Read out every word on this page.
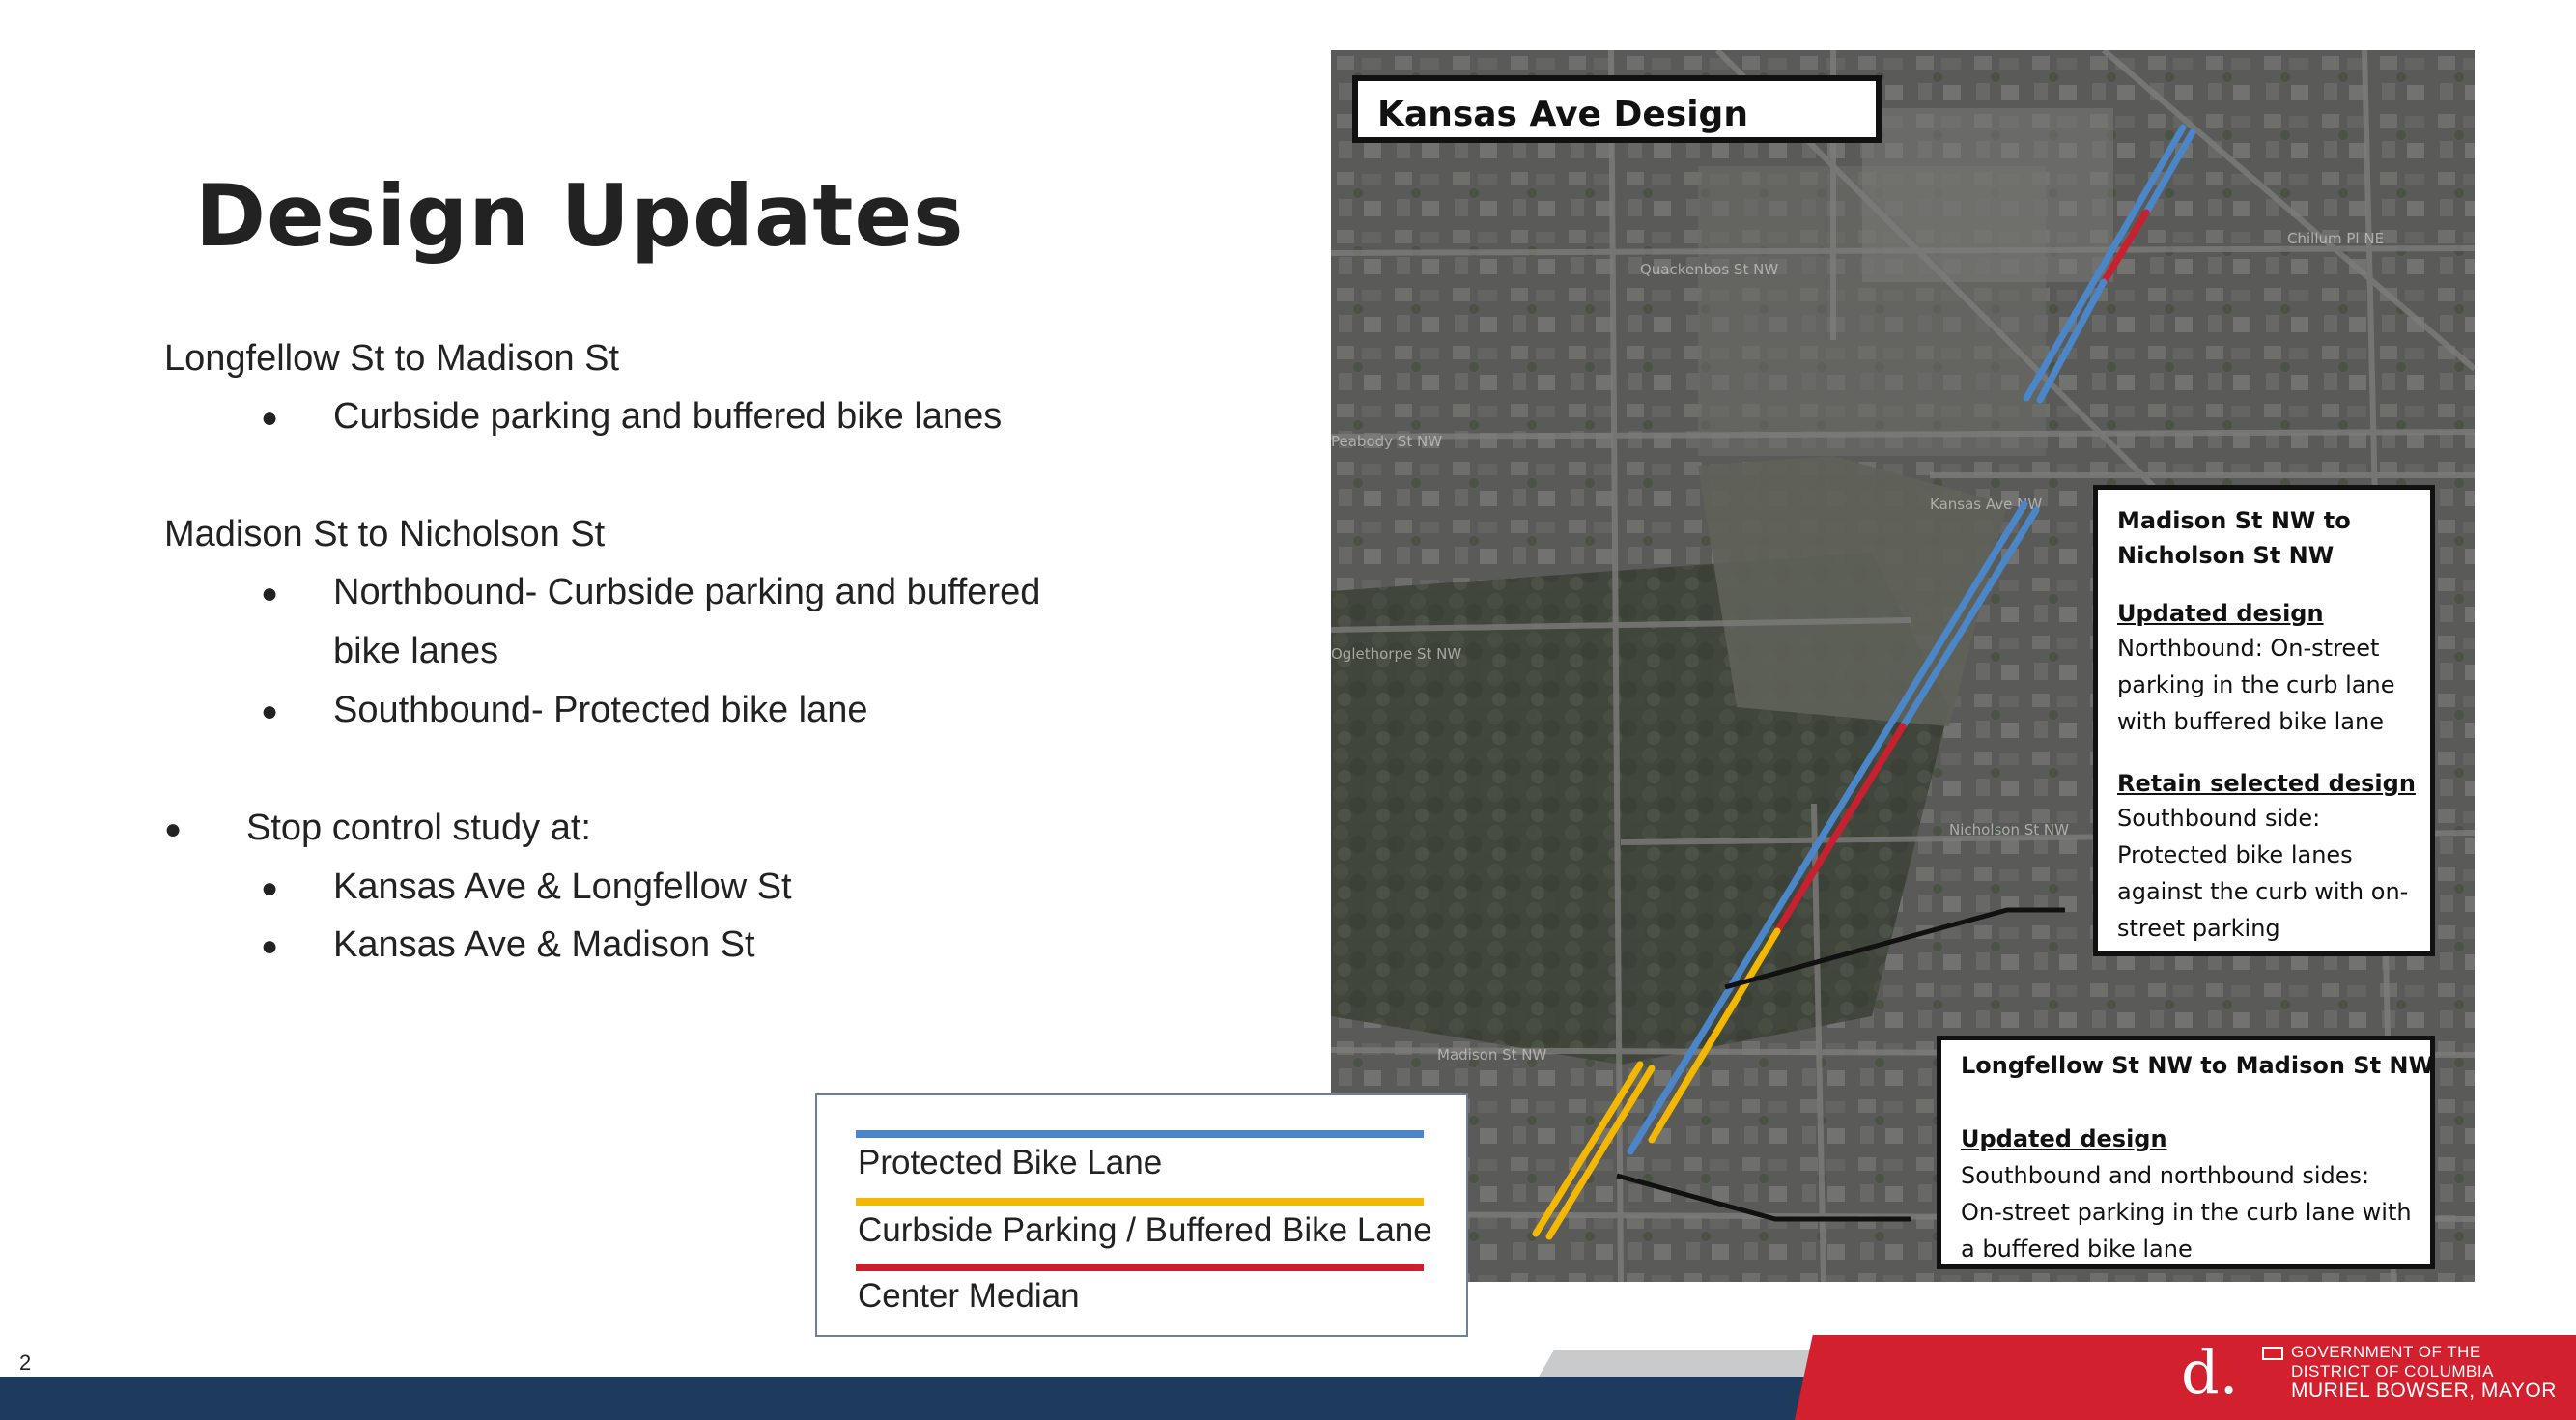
Design Updates
Longfellow St to Madison St
● Curbside parking and buffered bike lanes
Madison St to Nicholson St
● Northbound- Curbside parking and buffered
bike lanes
● Southbound- Protected bike lane
● Stop control study at:
● Kansas Ave & Longfellow St
● Kansas Ave & Madison St
Quackenbos St NW
Peabody St NW
Oglethorpe St NW
Nicholson St NW
Madison St NW
Kansas Ave NW
Chillum Pl NE
Kansas Ave Design
Madison St NW to
Nicholson St NW
Updated design
Northbound: On-street
parking in the curb lane
with buffered bike lane
Retain selected design
Southbound side:
Protected bike lanes
against the curb with on-
street parking
Longfellow St NW to Madison St NW
Updated design
Southbound and northbound sides:
On-street parking in the curb lane with
a buffered bike lane
Protected Bike Lane
Curbside Parking / Buffered Bike Lane
Center Median
2	d.	GOVERNMENT OF THE
DISTRICT OF COLUMBIA
MURIEL BOWSER, MAYOR
